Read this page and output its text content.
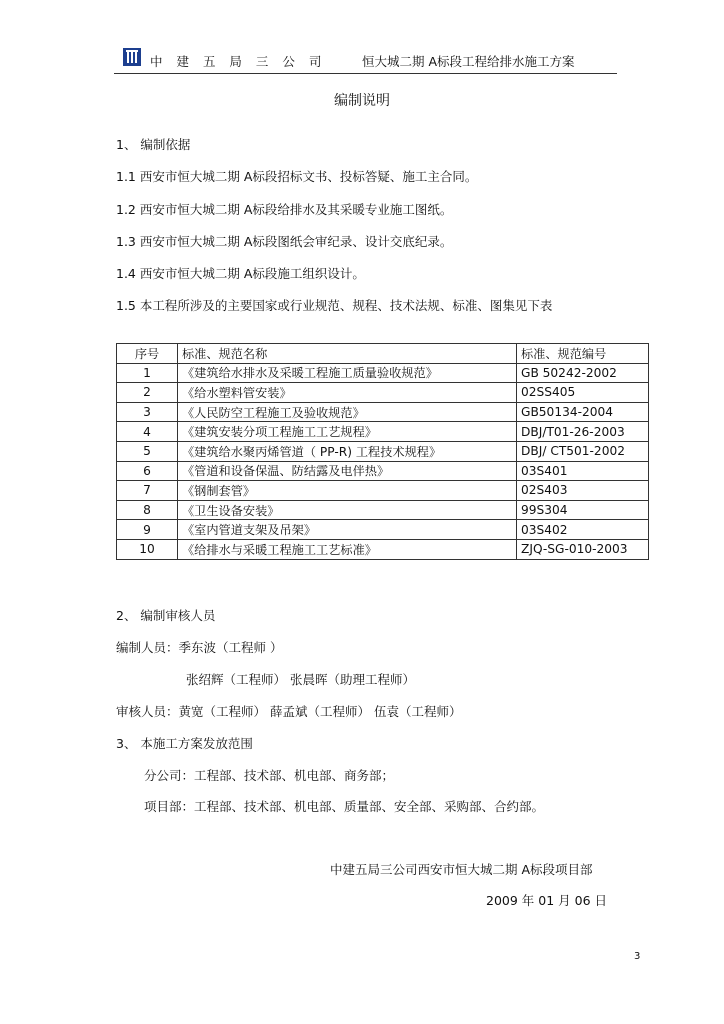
中 建 五 局 三 公 司	恒大城二期 A标段工程给排水施工方案
编制说明
1、 编制依据
1.1 西安市恒大城二期 A标段招标文书、投标答疑、施工主合同。
1.2 西安市恒大城二期 A标段给排水及其采暖专业施工图纸。
1.3 西安市恒大城二期 A标段图纸会审纪录、设计交底纪录。
1.4 西安市恒大城二期 A标段施工组织设计。
1.5 本工程所涉及的主要国家或行业规范、规程、技术法规、标准、图集见下表
序号	标准、规范名称	标准、规范编号
1	《建筑给水排水及采暖工程施工质量验收规范》	GB 50242-2002
2	《给水塑料管安装》	02SS405
3	《人民防空工程施工及验收规范》	GB50134-2004
4	《建筑安装分项工程施工工艺规程》	DBJ/T01-26-2003
5	《建筑给水聚丙烯管道（ PP-R) 工程技术规程》	DBJ/ CT501-2002
6	《管道和设备保温、防结露及电伴热》	03S401
7	《钢制套管》	02S403
8	《卫生设备安装》	99S304
9	《室内管道支架及吊架》	03S402
10	《给排水与采暖工程施工工艺标准》	ZJQ-SG-010-2003
2、 编制审核人员
编制人员：季东波（工程师 ）
张绍辉（工程师） 张晨晖（助理工程师）
审核人员：黄宽（工程师） 薛孟斌（工程师） 伍袁（工程师）
3、 本施工方案发放范围
分公司：工程部、技术部、机电部、商务部；
项目部：工程部、技术部、机电部、质量部、安全部、采购部、合约部。
中建五局三公司西安市恒大城二期 A标段项目部
2009 年 01 月 06 日
3
